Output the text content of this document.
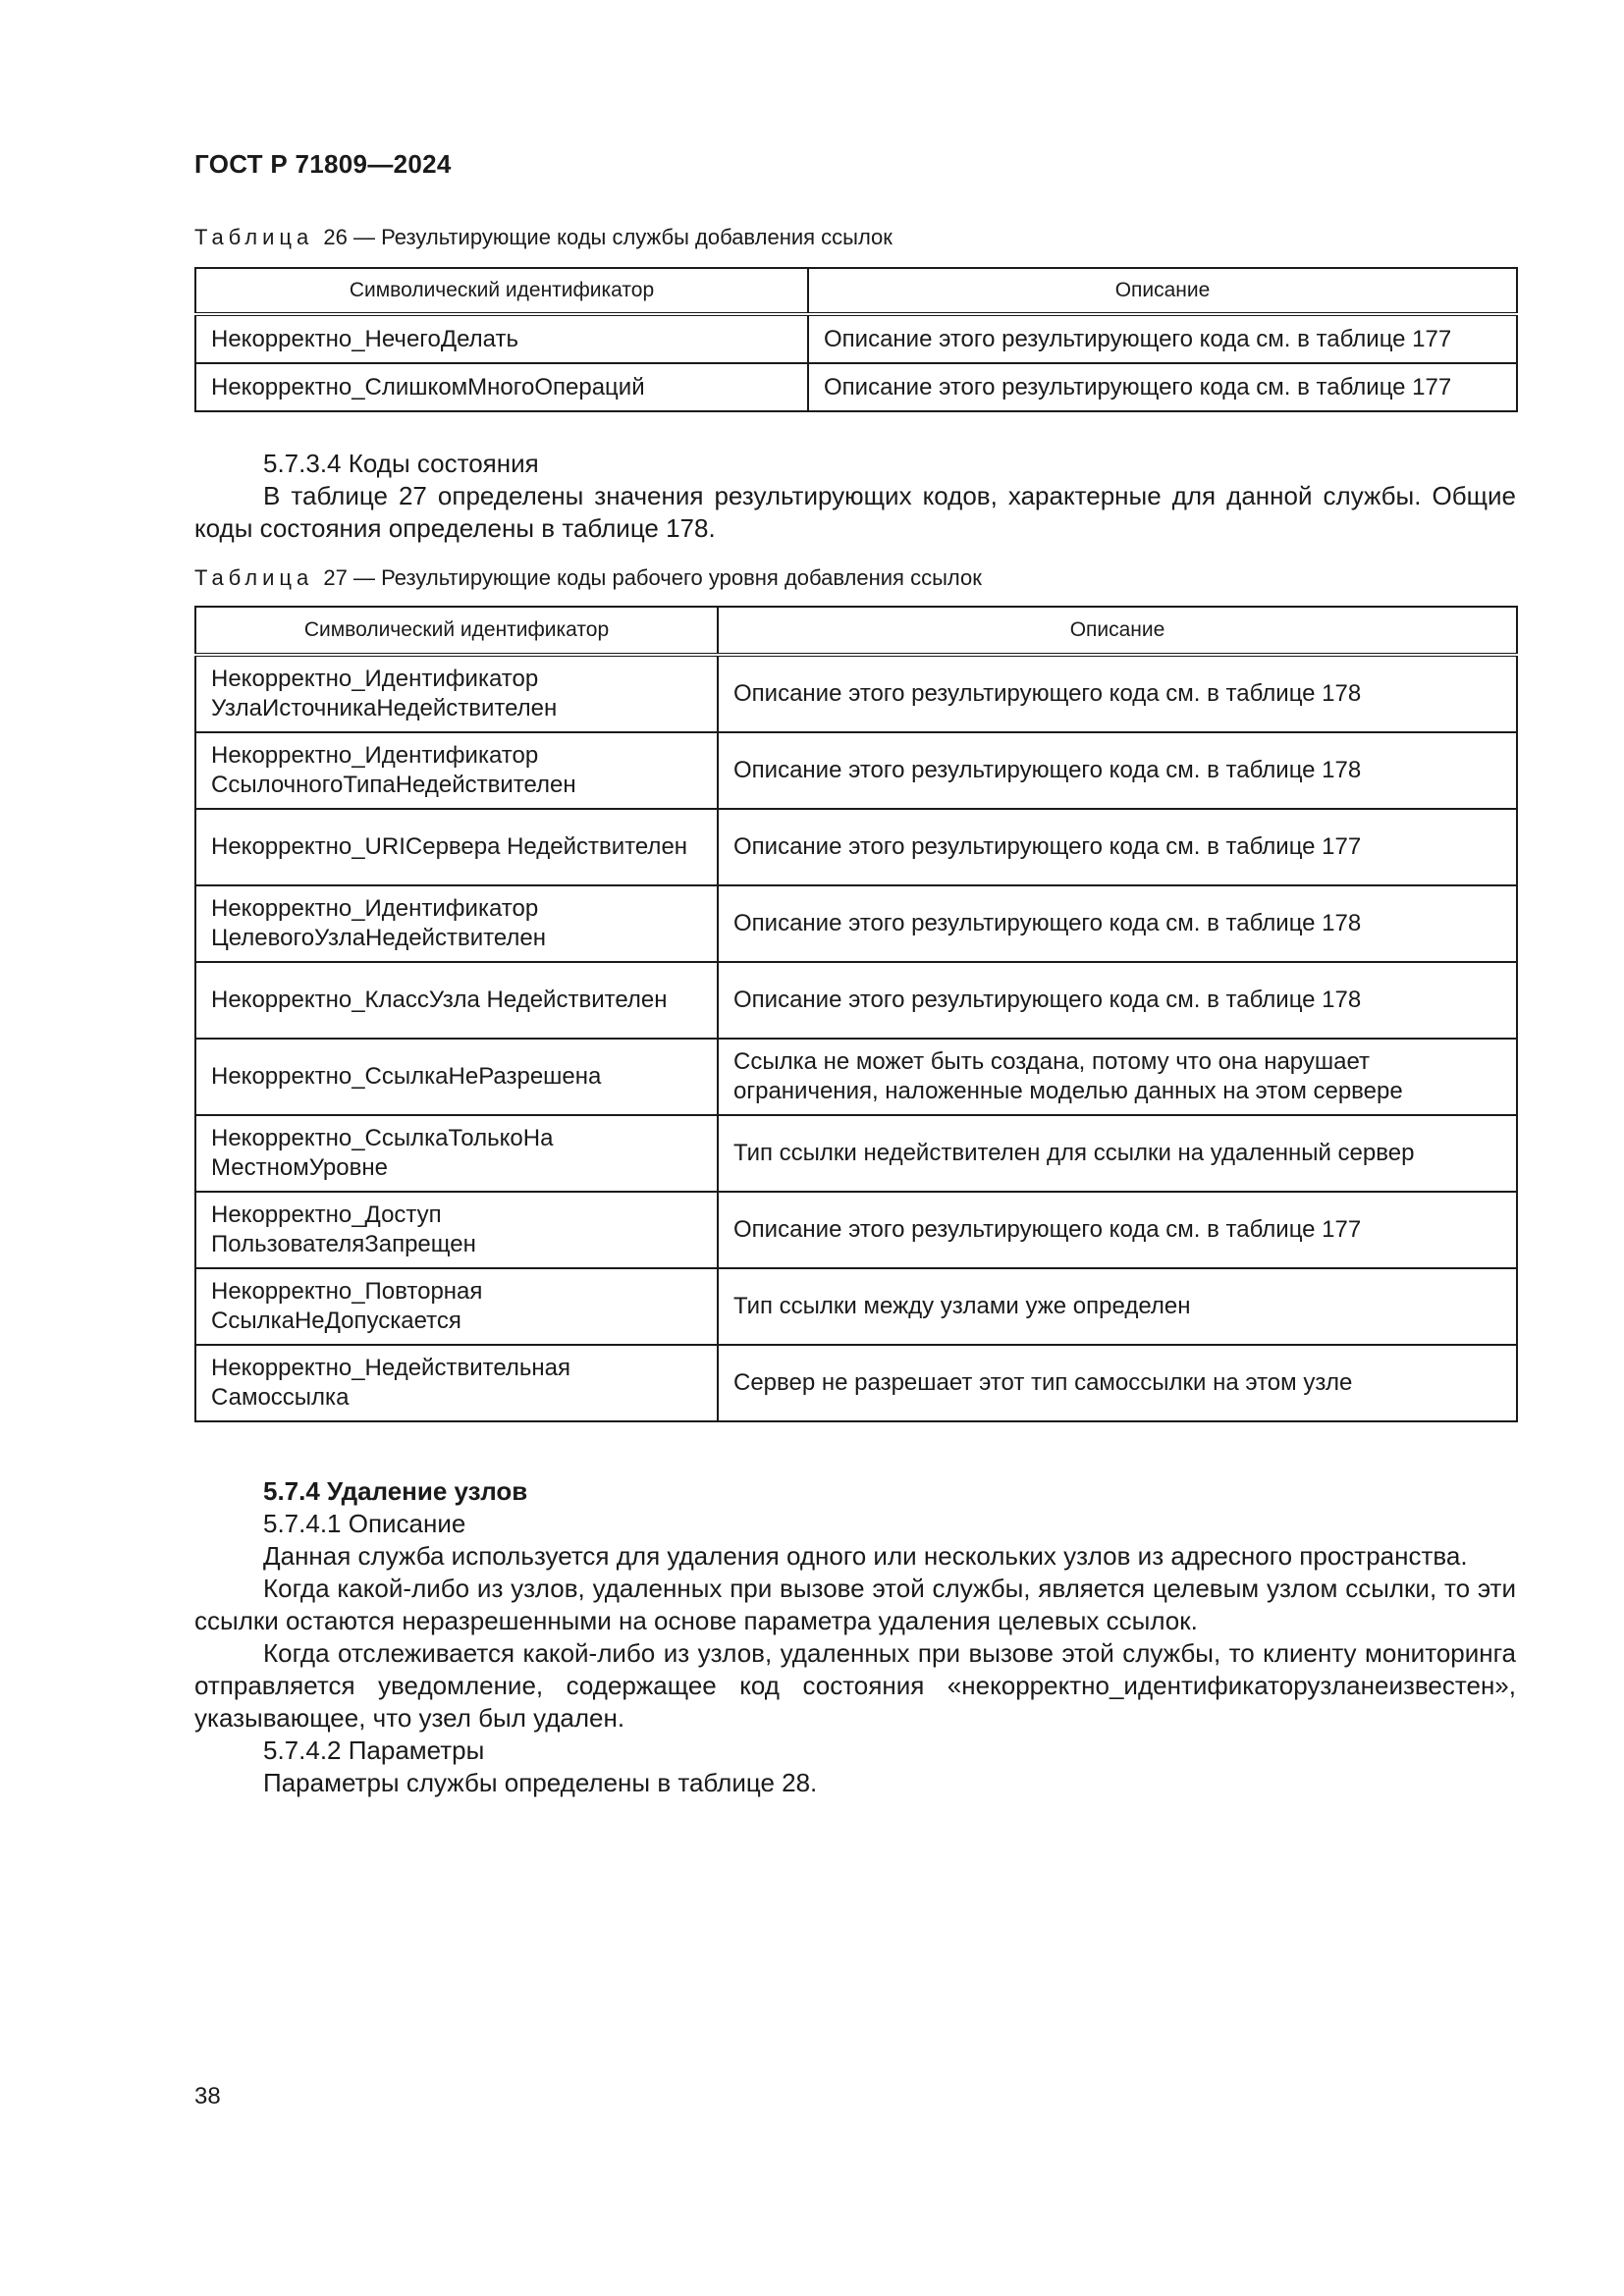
ГОСТ Р 71809—2024
Таблица 26 — Результирующие коды службы добавления ссылок
Символический идентификатор	Описание
Некорректно_НечегоДелать	Описание этого результирующего кода см. в таблице 177
Некорректно_СлишкомМногоОпераций	Описание этого результирующего кода см. в таблице 177

5.7.3.4 Коды состояния

В таблице 27 определены значения результирующих кодов, характерные для данной службы. Общие коды состояния определены в таблице 178.

Таблица 27 — Результирующие коды рабочего уровня добавления ссылок
Символический идентификатор	Описание
Некорректно_Идентификатор УзлаИсточникаНедействителен	Описание этого результирующего кода см. в таблице 178
Некорректно_Идентификатор СсылочногоТипаНедействителен	Описание этого результирующего кода см. в таблице 178
Некорректно_URIСервера Недействителен	Описание этого результирующего кода см. в таблице 177
Некорректно_Идентификатор ЦелевогоУзлаНедействителен	Описание этого результирующего кода см. в таблице 178
Некорректно_КлассУзла Недействителен	Описание этого результирующего кода см. в таблице 178
Некорректно_СсылкаНеРазрешена	Ссылка не может быть создана, потому что она нарушает ограничения, наложенные моделью данных на этом сервере
Некорректно_СсылкаТолькоНа МестномУровне	Тип ссылки недействителен для ссылки на удаленный сервер
Некорректно_Доступ ПользователяЗапрещен	Описание этого результирующего кода см. в таблице 177
Некорректно_Повторная СсылкаНеДопускается	Тип ссылки между узлами уже определен
Некорректно_Недействительная Самоссылка	Сервер не разрешает этот тип самоссылки на этом узле

5.7.4 Удаление узлов

5.7.4.1 Описание

Данная служба используется для удаления одного или нескольких узлов из адресного пространства.

Когда какой-либо из узлов, удаленных при вызове этой службы, является целевым узлом ссылки, то эти ссылки остаются неразрешенными на основе параметра удаления целевых ссылок.

Когда отслеживается какой-либо из узлов, удаленных при вызове этой службы, то клиенту мониторинга отправляется уведомление, содержащее код состояния «некорректно_идентификаторузланеизвестен», указывающее, что узел был удален.

5.7.4.2 Параметры

Параметры службы определены в таблице 28.

38
